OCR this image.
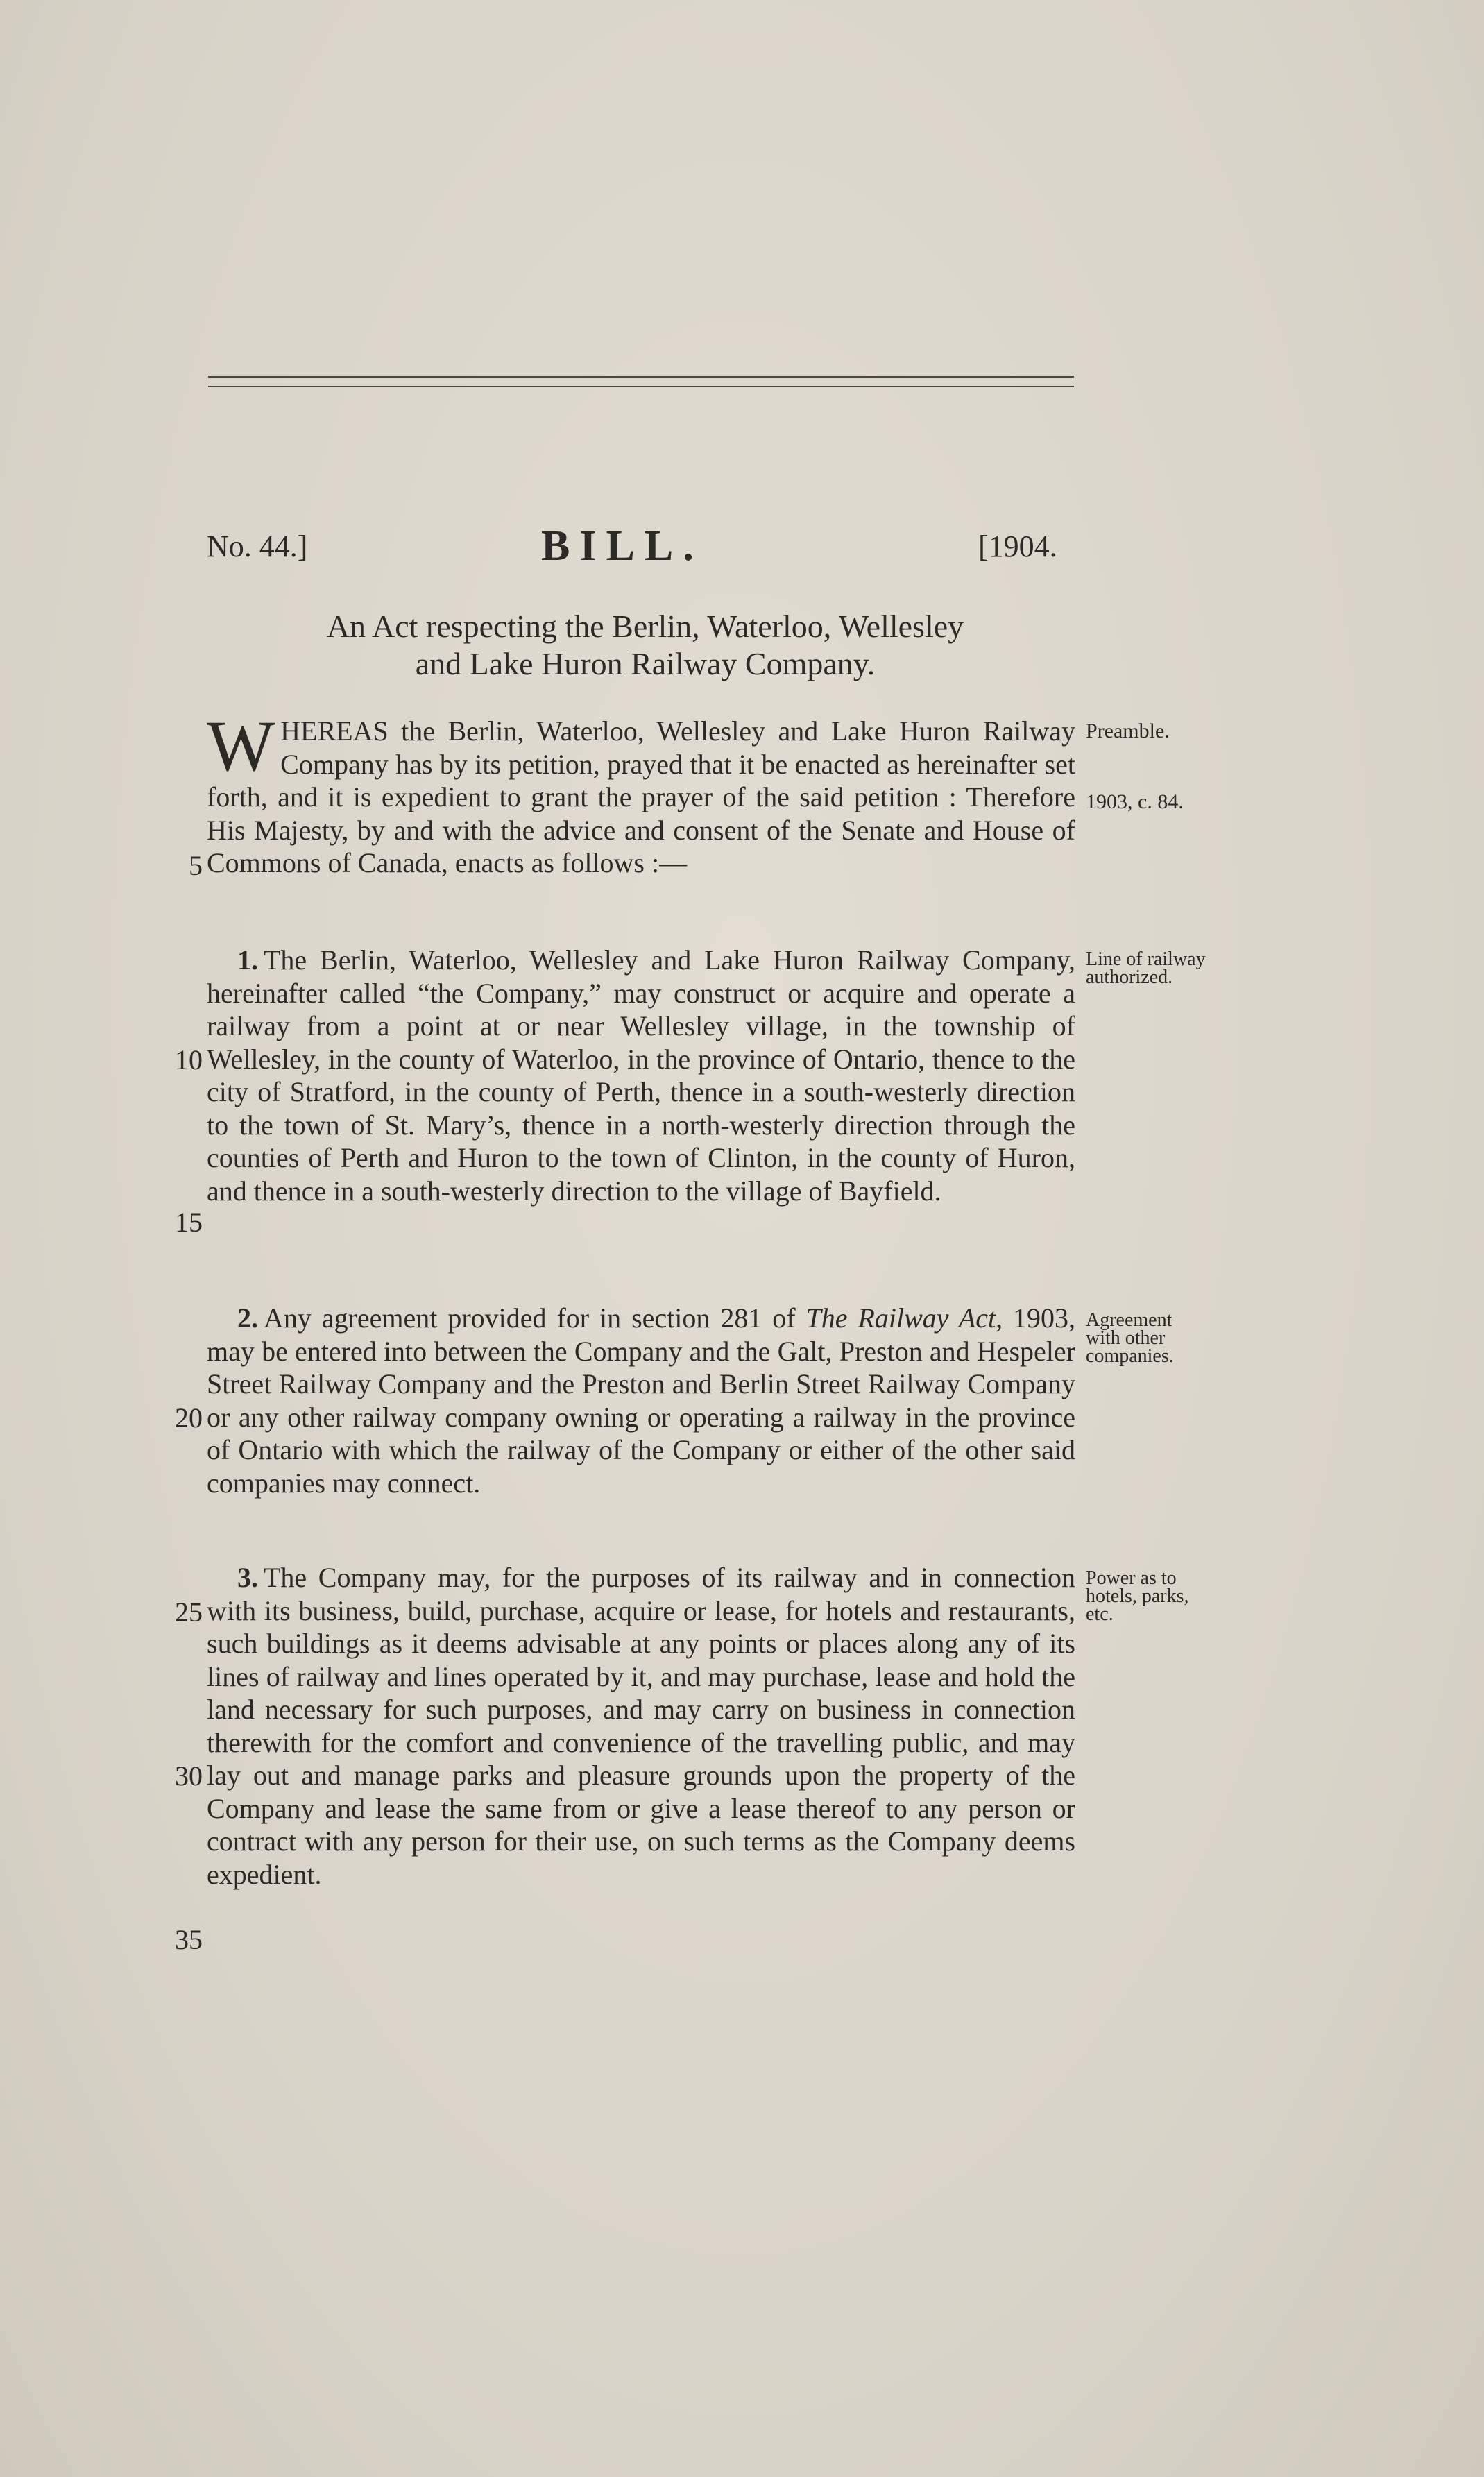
No. 44.]	BILL.	[1904.
An Act respecting the Berlin, Waterloo, Wellesley
and Lake Huron Railway Company.

WHEREAS the Berlin, Waterloo, Wellesley and Lake Huron Railway Company has by its petition, prayed that it be enacted as hereinafter set forth, and it is expedient to grant the prayer of the said petition : Therefore His Majesty, by and with the advice and consent of the Senate and House of Commons of Canada, enacts as follows :—

1. The Berlin, Waterloo, Wellesley and Lake Huron Railway Company, hereinafter called “the Company,” may construct or acquire and operate a railway from a point at or near Wellesley village, in the township of Wellesley, in the county of Waterloo, in the province of Ontario, thence to the city of Stratford, in the county of Perth, thence in a south-westerly direction to the town of St. Mary’s, thence in a north-westerly direction through the counties of Perth and Huron to the town of Clinton, in the county of Huron, and thence in a south-westerly direction to the village of Bayfield.

2. Any agreement provided for in section 281 of The Railway Act, 1903, may be entered into between the Company and the Galt, Preston and Hespeler Street Railway Company and the Preston and Berlin Street Railway Company or any other railway company owning or operating a railway in the province of Ontario with which the railway of the Company or either of the other said companies may connect.

3. The Company may, for the purposes of its railway and in connection with its business, build, purchase, acquire or lease, for hotels and restaurants, such buildings as it deems advisable at any points or places along any of its lines of railway and lines operated by it, and may purchase, lease and hold the land necessary for such purposes, and may carry on business in connection therewith for the comfort and convenience of the travelling public, and may lay out and manage parks and pleasure grounds upon the property of the Company and lease the same from or give a lease thereof to any person or contract with any person for their use, on such terms as the Company deems expedient.

5
10
15
20
25
30
35
Preamble.
1903, c. 84.
Line of railway authorized.
Agreement with other companies.
Power as to hotels, parks, etc.
